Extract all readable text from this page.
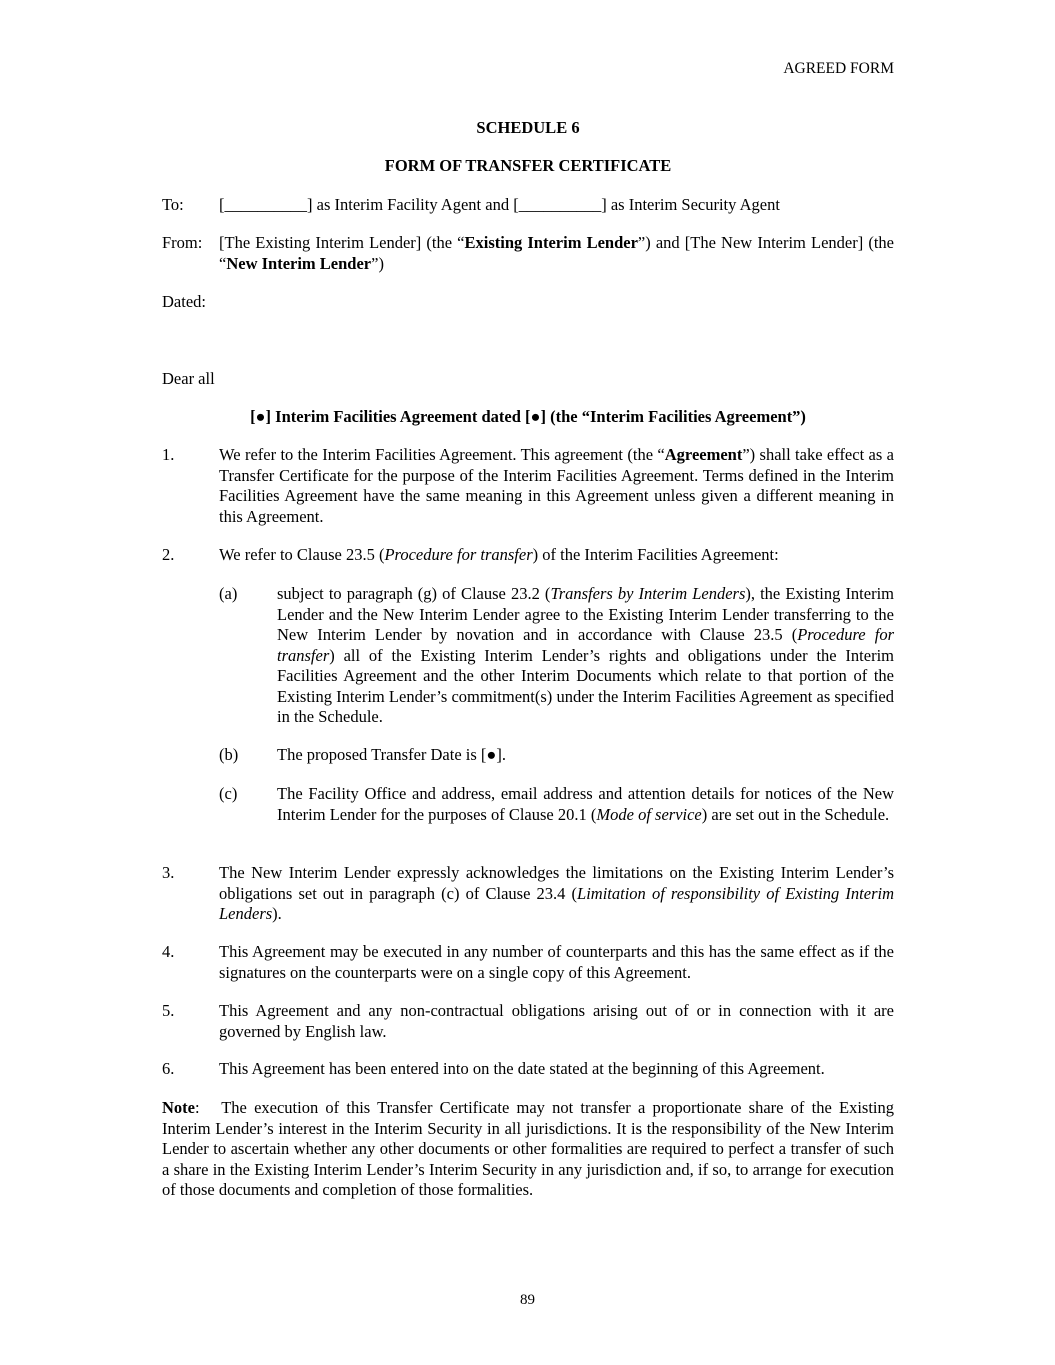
AGREED FORM
SCHEDULE 6
FORM OF TRANSFER CERTIFICATE
To: [__________] as Interim Facility Agent and [__________] as Interim Security Agent
From: [The Existing Interim Lender] (the “Existing Interim Lender”) and [The New Interim Lender] (the “New Interim Lender”)
Dated:
Dear all
[●] Interim Facilities Agreement dated [●] (the “Interim Facilities Agreement”)
1.	We refer to the Interim Facilities Agreement. This agreement (the “Agreement”) shall take effect as a Transfer Certificate for the purpose of the Interim Facilities Agreement. Terms defined in the Interim Facilities Agreement have the same meaning in this Agreement unless given a different meaning in this Agreement.
2.	We refer to Clause 23.5 (Procedure for transfer) of the Interim Facilities Agreement:
(a) subject to paragraph (g) of Clause 23.2 (Transfers by Interim Lenders), the Existing Interim Lender and the New Interim Lender agree to the Existing Interim Lender transferring to the New Interim Lender by novation and in accordance with Clause 23.5 (Procedure for transfer) all of the Existing Interim Lender’s rights and obligations under the Interim Facilities Agreement and the other Interim Documents which relate to that portion of the Existing Interim Lender’s commitment(s) under the Interim Facilities Agreement as specified in the Schedule.
(b) The proposed Transfer Date is [●].
(c) The Facility Office and address, email address and attention details for notices of the New Interim Lender for the purposes of Clause 20.1 (Mode of service) are set out in the Schedule.
3.	The New Interim Lender expressly acknowledges the limitations on the Existing Interim Lender’s obligations set out in paragraph (c) of Clause 23.4 (Limitation of responsibility of Existing Interim Lenders).
4.	This Agreement may be executed in any number of counterparts and this has the same effect as if the signatures on the counterparts were on a single copy of this Agreement.
5.	This Agreement and any non-contractual obligations arising out of or in connection with it are governed by English law.
6.	This Agreement has been entered into on the date stated at the beginning of this Agreement.
Note: The execution of this Transfer Certificate may not transfer a proportionate share of the Existing Interim Lender’s interest in the Interim Security in all jurisdictions. It is the responsibility of the New Interim Lender to ascertain whether any other documents or other formalities are required to perfect a transfer of such a share in the Existing Interim Lender’s Interim Security in any jurisdiction and, if so, to arrange for execution of those documents and completion of those formalities.
89
